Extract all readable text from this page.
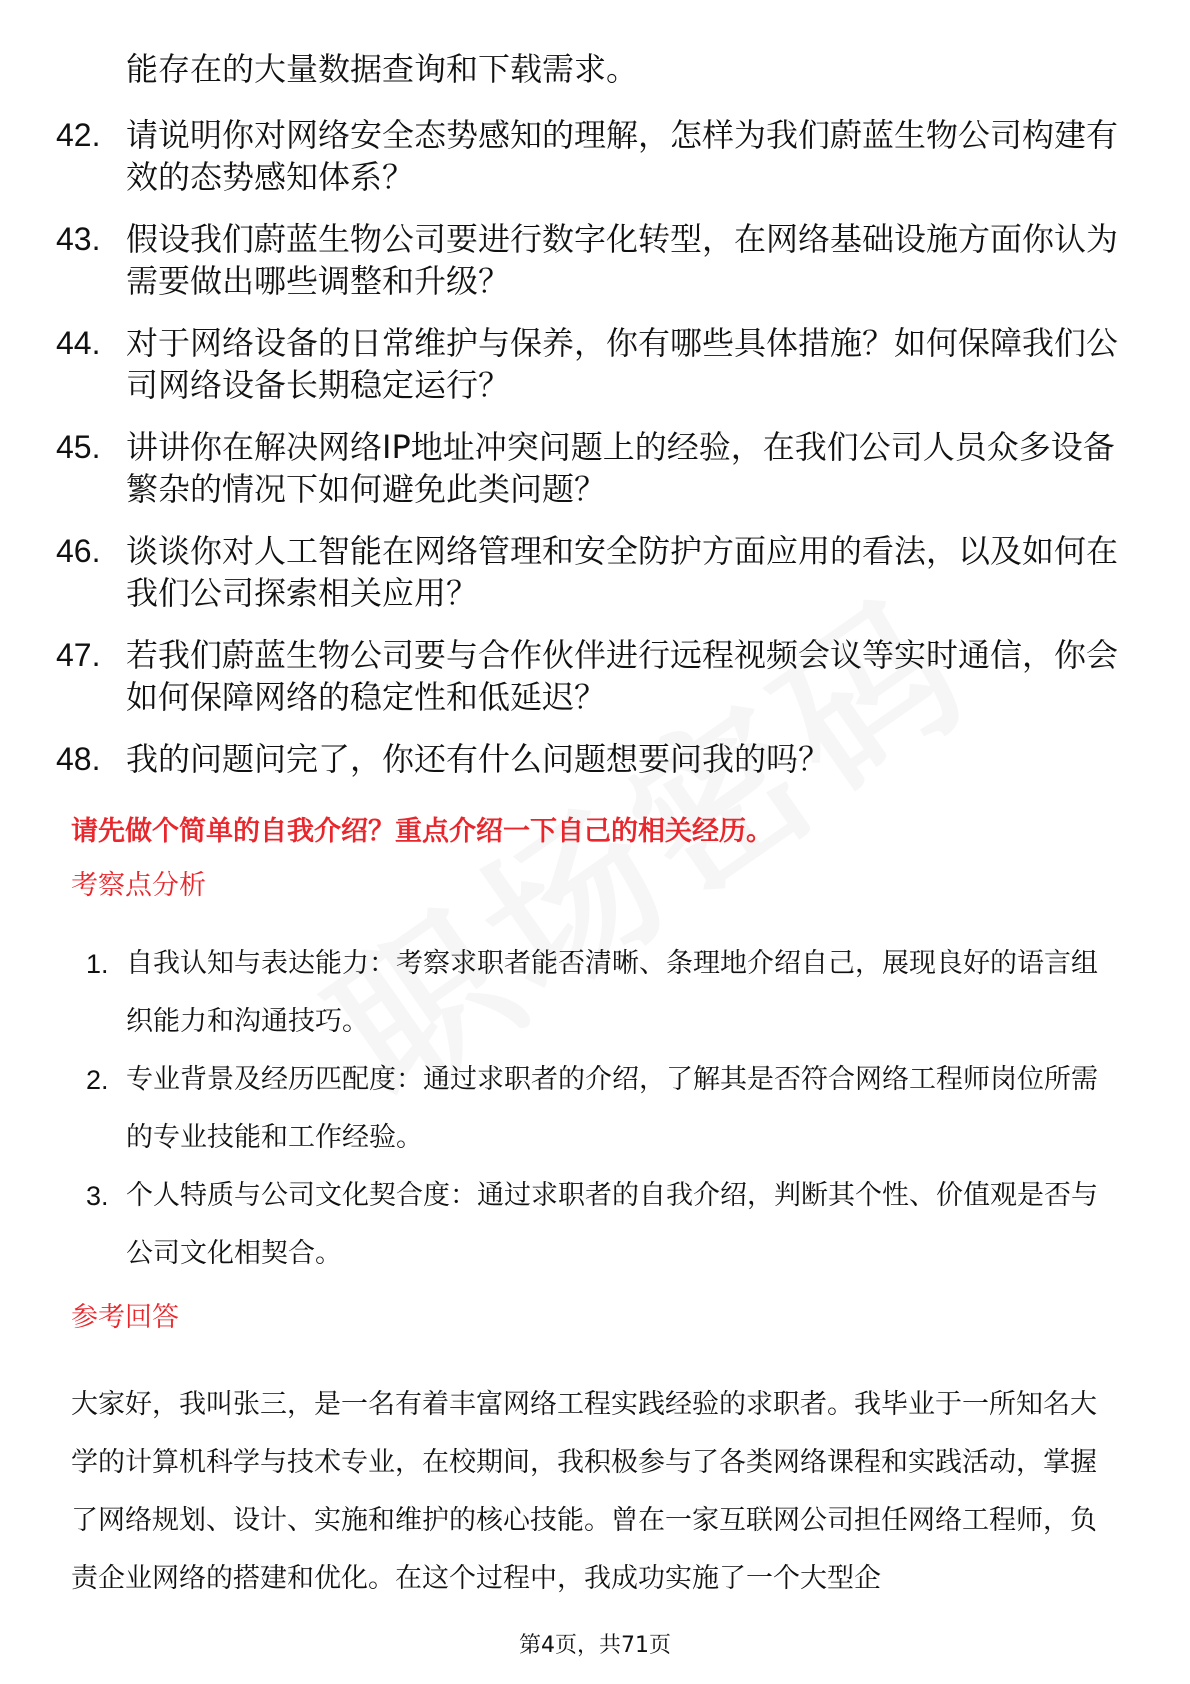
能存在的大量数据查询和下载需求。
42. 请说明你对网络安全态势感知的理解，怎样为我们蔚蓝生物公司构建有效的态势感知体系？
43. 假设我们蔚蓝生物公司要进行数字化转型，在网络基础设施方面你认为需要做出哪些调整和升级？
44. 对于网络设备的日常维护与保养，你有哪些具体措施？如何保障我们公司网络设备长期稳定运行？
45. 讲讲你在解决网络IP地址冲突问题上的经验，在我们公司人员众多设备繁杂的情况下如何避免此类问题？
46. 谈谈你对人工智能在网络管理和安全防护方面应用的看法，以及如何在我们公司探索相关应用？
47. 若我们蔚蓝生物公司要与合作伙伴进行远程视频会议等实时通信，你会如何保障网络的稳定性和低延迟？
48. 我的问题问完了，你还有什么问题想要问我的吗？
请先做个简单的自我介绍？重点介绍一下自己的相关经历。
考察点分析
1. 自我认知与表达能力：考察求职者能否清晰、条理地介绍自己，展现良好的语言组织能力和沟通技巧。
2. 专业背景及经历匹配度：通过求职者的介绍，了解其是否符合网络工程师岗位所需的专业技能和工作经验。
3. 个人特质与公司文化契合度：通过求职者的自我介绍，判断其个性、价值观是否与公司文化相契合。
参考回答
大家好，我叫张三，是一名有着丰富网络工程实践经验的求职者。我毕业于一所知名大学的计算机科学与技术专业，在校期间，我积极参与了各类网络课程和实践活动，掌握了网络规划、设计、实施和维护的核心技能。曾在一家互联网公司担任网络工程师，负责企业网络的搭建和优化。在这个过程中，我成功实施了一个大型企
第4页，共71页
